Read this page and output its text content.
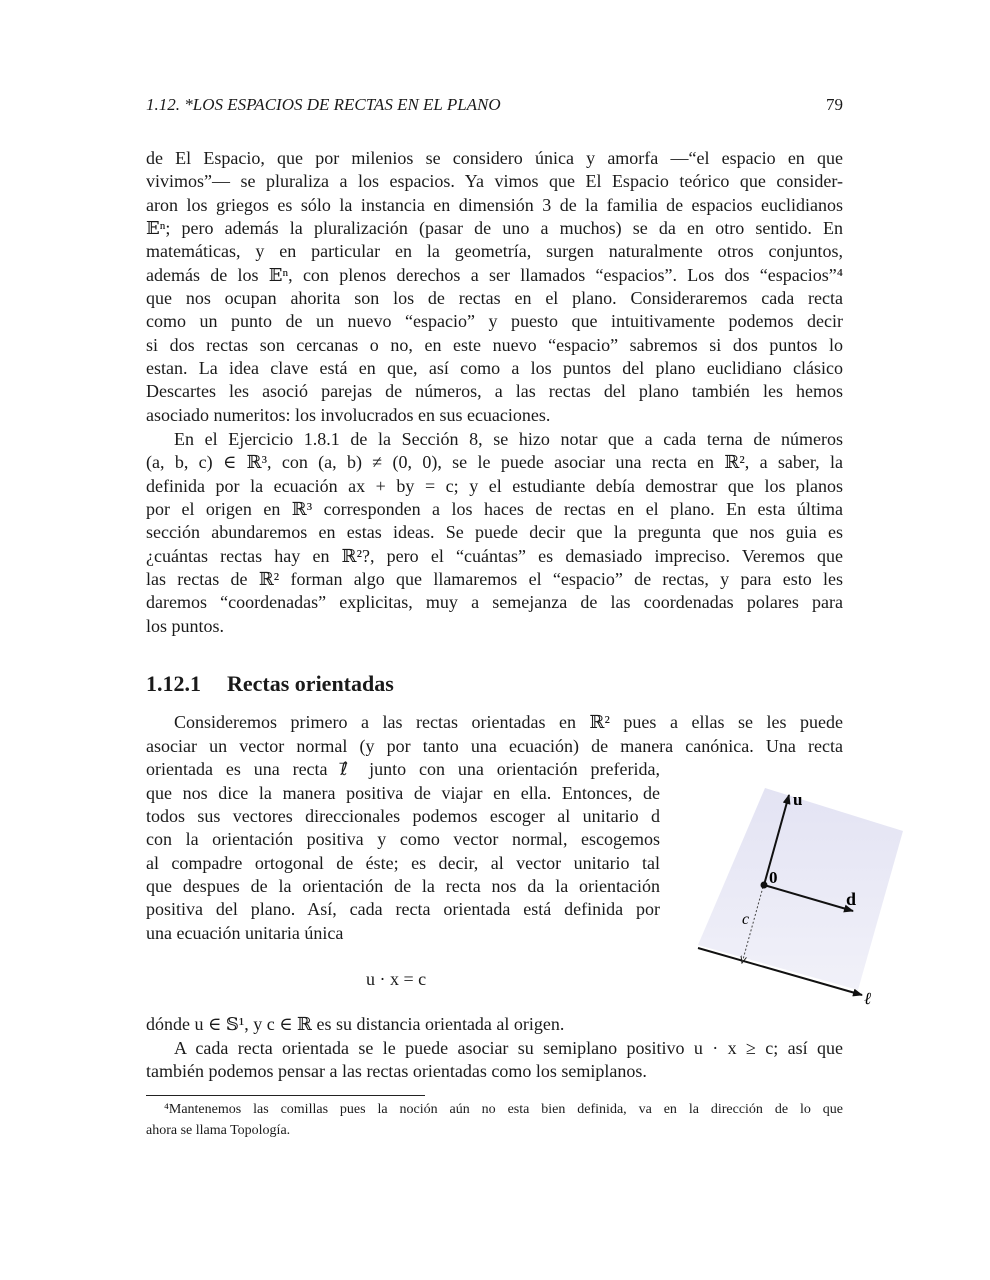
1.12. *LOS ESPACIOS DE RECTAS EN EL PLANO	79
de El Espacio, que por milenios se considero única y amorfa —“el espacio en que
vivimos”— se pluraliza a los espacios. Ya vimos que El Espacio teórico que consider-
aron los griegos es sólo la instancia en dimensión 3 de la familia de espacios euclidianos
𝔼ⁿ; pero además la pluralización (pasar de uno a muchos) se da en otro sentido. En
matemáticas, y en particular en la geometría, surgen naturalmente otros conjuntos,
además de los 𝔼ⁿ, con plenos derechos a ser llamados “espacios”. Los dos “espacios”⁴
que nos ocupan ahorita son los de rectas en el plano. Consideraremos cada recta
como un punto de un nuevo “espacio” y puesto que intuitivamente podemos decir
si dos rectas son cercanas o no, en este nuevo “espacio” sabremos si dos puntos lo
estan. La idea clave está en que, así como a los puntos del plano euclidiano clásico
Descartes les asoció parejas de números, a las rectas del plano también les hemos
asociado numeritos: los involucrados en sus ecuaciones.
En el Ejercicio 1.8.1 de la Sección 8, se hizo notar que a cada terna de números
(a, b, c) ∈ ℝ³, con (a, b) ≠ (0, 0), se le puede asociar una recta en ℝ², a saber, la
definida por la ecuación ax + by = c; y el estudiante debía demostrar que los planos
por el origen en ℝ³ corresponden a los haces de rectas en el plano. En esta última
sección abundaremos en estas ideas. Se puede decir que la pregunta que nos guia es
¿cuántas rectas hay en ℝ²?, pero el “cuántas” es demasiado impreciso. Veremos que
las rectas de ℝ² forman algo que llamaremos el “espacio” de rectas, y para esto les
daremos “coordenadas” explicitas, muy a semejanza de las coordenadas polares para
los puntos.
1.12.1 Rectas orientadas
Consideremos primero a las rectas orientadas en ℝ² pues a ellas se les puede
asociar un vector normal (y por tanto una ecuación) de manera canónica. Una recta
orientada es una recta ℓ⃗ junto con una orientación preferida,
que nos dice la manera positiva de viajar en ella. Entonces, de
todos sus vectores direccionales podemos escoger al unitario d
con la orientación positiva y como vector normal, escogemos
al compadre ortogonal de éste; es decir, al vector unitario tal
que despues de la orientación de la recta nos da la orientación
positiva del plano. Así, cada recta orientada está definida por
una ecuación unitaria única
u · x = c
dónde u ∈ 𝕊¹, y c ∈ ℝ es su distancia orientada al origen.
A cada recta orientada se le puede asociar su semiplano positivo u · x ≥ c; así que
también podemos pensar a las rectas orientadas como los semiplanos.
u
0
d
c
ℓ⃗
⁴Mantenemos las comillas pues la noción aún no esta bien definida, va en la dirección de lo que
ahora se llama Topología.
